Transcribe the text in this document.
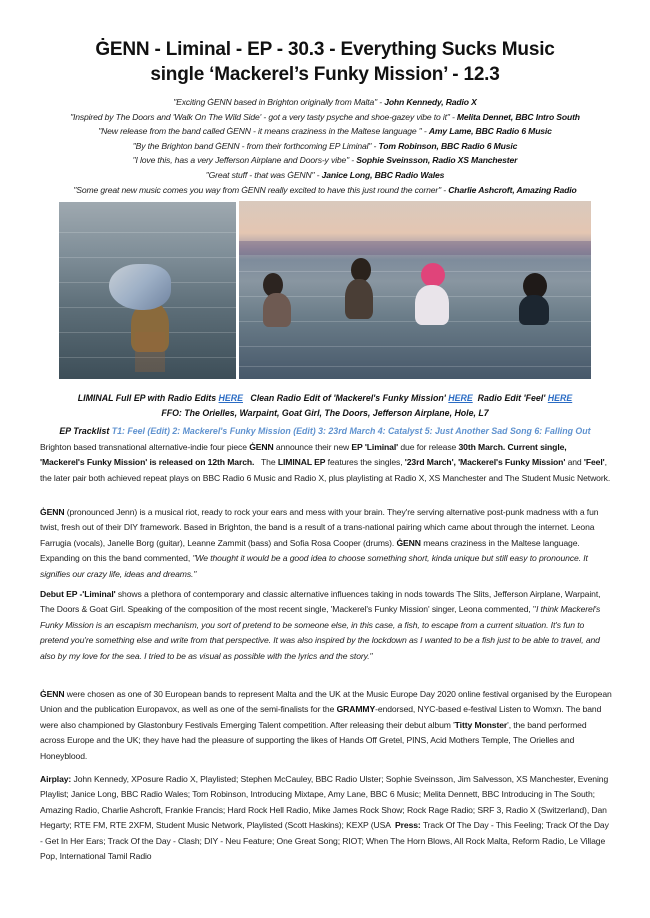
ĠENN - Liminal - EP - 30.3 - Everything Sucks Music
single ‘Mackerel’s Funky Mission’ - 12.3
"Exciting ĠENN based in Brighton originally from Malta" - John Kennedy, Radio X
"Inspired by The Doors and 'Walk On The Wild Side' - got a very tasty psyche and shoe-gazey vibe to it" - Melita Dennet, BBC Intro South
"New release from the band called ĠENN - it means craziness in the Maltese language " - Amy Lame, BBC Radio 6 Music
"By the Brighton band ĠENN - from their forthcoming EP Liminal" - Tom Robinson, BBC Radio 6 Music
"I love this, has a very Jefferson Airplane and Doors-y vibe" - Sophie Sveinsson, Radio XS Manchester
"Great stuff - that was ĠENN" - Janice Long, BBC Radio Wales
"Some great new music comes you way from ĠENN really excited to have this just round the corner" - Charlie Ashcroft, Amazing Radio
LIMINAL Full EP with Radio Edits HERE Clean Radio Edit of 'Mackerel's Funky Mission' HERE Radio Edit 'Feel' HERE
FFO: The Orielles, Warpaint, Goat Girl, The Doors, Jefferson Airplane, Hole, L7
EP Tracklist T1: Feel (Edit) 2: Mackerel's Funky Mission (Edit) 3: 23rd March 4: Catalyst 5: Just Another Sad Song 6: Falling Out
Brighton based transnational alternative-indie four piece ĠENN announce their new EP 'Liminal' due for release 30th March. Current single, 'Mackerel's Funky Mission' is released on 12th March.   The LIMINAL EP features the singles, '23rd March', 'Mackerel's Funky Mission' and 'Feel', the later pair both achieved repeat plays on BBC Radio 6 Music and Radio X, plus playlisting at Radio X, XS Manchester and The Student Music Network.
ĠENN (pronounced Jenn) is a musical riot, ready to rock your ears and mess with your brain. They're serving alternative post-punk madness with a fun twist, fresh out of their DIY framework. Based in Brighton, the band is a result of a trans-national pairing which came about through the internet. Leona Farrugia (vocals), Janelle Borg (guitar), Leanne Zammit (bass) and Sofia Rosa Cooper (drums). ĠENN means craziness in the Maltese language. Expanding on this the band commented, "We thought it would be a good idea to choose something short, kinda unique but still easy to pronounce. It signifies our crazy life, ideas and dreams."
Debut EP -'Liminal' shows a plethora of contemporary and classic alternative influences taking in nods towards The Slits, Jefferson Airplane, Warpaint, The Doors & Goat Girl. Speaking of the composition of the most recent single, 'Mackerel's Funky Mission' singer, Leona commented, "I think Mackerel's Funky Mission is an escapism mechanism, you sort of pretend to be someone else, in this case, a fish, to escape from a current situation. It's fun to pretend you're something else and write from that perspective. It was also inspired by the lockdown as I wanted to be a fish just to be able to travel, and also by my love for the sea. I tried to be as visual as possible with the lyrics and the story."
ĠENN were chosen as one of 30 European bands to represent Malta and the UK at the Music Europe Day 2020 online festival organised by the European Union and the publication Europavox, as well as one of the semi-finalists for the GRAMMY-endorsed, NYC-based e-festival Listen to Womxn. The band were also championed by Glastonbury Festivals Emerging Talent competition. After releasing their debut album 'Titty Monster', the band performed across Europe and the UK; they have had the pleasure of supporting the likes of Hands Off Gretel, PINS, Acid Mothers Temple, The Orielles and Honeyblood.
Airplay: John Kennedy, XPosure Radio X, Playlisted; Stephen McCauley, BBC Radio Ulster; Sophie Sveinsson, Jim Salvesson, XS Manchester, Evening Playlist; Janice Long, BBC Radio Wales; Tom Robinson, Introducing Mixtape, Amy Lane, BBC 6 Music; Melita Dennett, BBC Introducing in The South; Amazing Radio, Charlie Ashcroft, Frankie Francis; Hard Rock Hell Radio, Mike James Rock Show; Rock Rage Radio; SRF 3, Radio X (Switzerland), Dan Hegarty; RTE FM, RTE 2XFM, Student Music Network, Playlisted (Scott Haskins); KEXP (USA  Press: Track Of The Day - This Feeling; Track Of the Day - Get In Her Ears; Track Of the Day - Clash; DIY - Neu Feature; One Great Song; RIOT; When The Horn Blows, All Rock Malta, Reform Radio, Le Village Pop, International Tamil Radio
